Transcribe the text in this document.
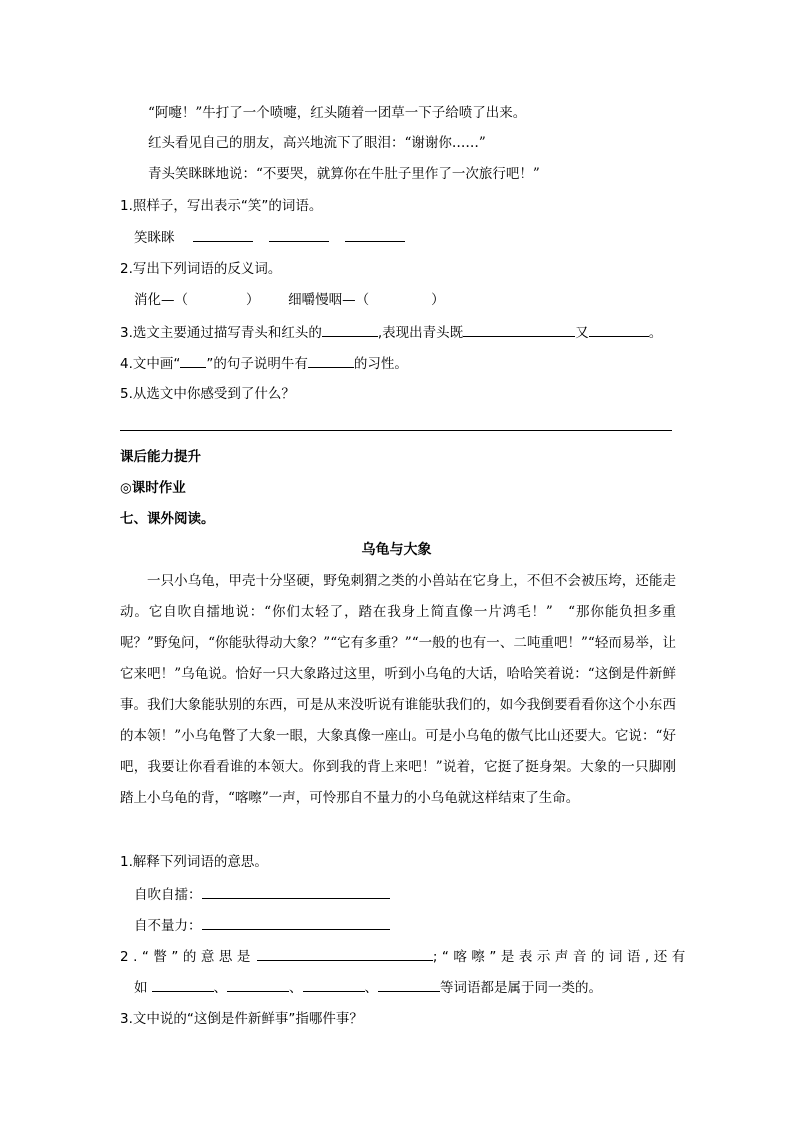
“阿嚏！”牛打了一个喷嚏，红头随着一团草一下子给喷了出来。
红头看见自己的朋友，高兴地流下了眼泪：“谢谢你……”
青头笑眯眯地说：“不要哭，就算你在牛肚子里作了一次旅行吧！”
1.照样子，写出表示“笑”的词语。
笑眯眯
2.写出下列词语的反义词。
消化—（	） 细嚼慢咽—（	）
3.选文主要通过描写青头和红头的	,表现出青头既	又	。
4.文中画“ ”的句子说明牛有	的习性。
5.从选文中你感受到了什么？
课后能力提升
◎课时作业
七、课外阅读。
乌龟与大象
一只小乌龟，甲壳十分坚硬，野兔刺猬之类的小兽站在它身上，不但不会被压垮，还能走动。它自吹自擂地说：“你们太轻了，踏在我身上简直像一片鸿毛！”　“那你能负担多重呢？”野兔问，“你能驮得动大象？”“它有多重？”“一般的也有一、二吨重吧！”“轻而易举，让它来吧！”乌龟说。恰好一只大象路过这里，听到小乌龟的大话，哈哈笑着说：“这倒是件新鲜事。我们大象能驮别的东西，可是从来没听说有谁能驮我们的，如今我倒要看看你这个小东西的本领！”小乌龟瞥了大象一眼，大象真像一座山。可是小乌龟的傲气比山还要大。它说：“好吧，我要让你看看谁的本领大。你到我的背上来吧！”说着，它挺了挺身架。大象的一只脚刚踏上小乌龟的背，“喀嚓”一声，可怜那自不量力的小乌龟就这样结束了生命。
1.解释下列词语的意思。
自吹自擂：
自不量力：
2.“瞥”的意思是	;“喀嚓”是表示声音的词语,还有
如	、	、	、	等词语都是属于同一类的。
3.文中说的“这倒是件新鲜事”指哪件事？
